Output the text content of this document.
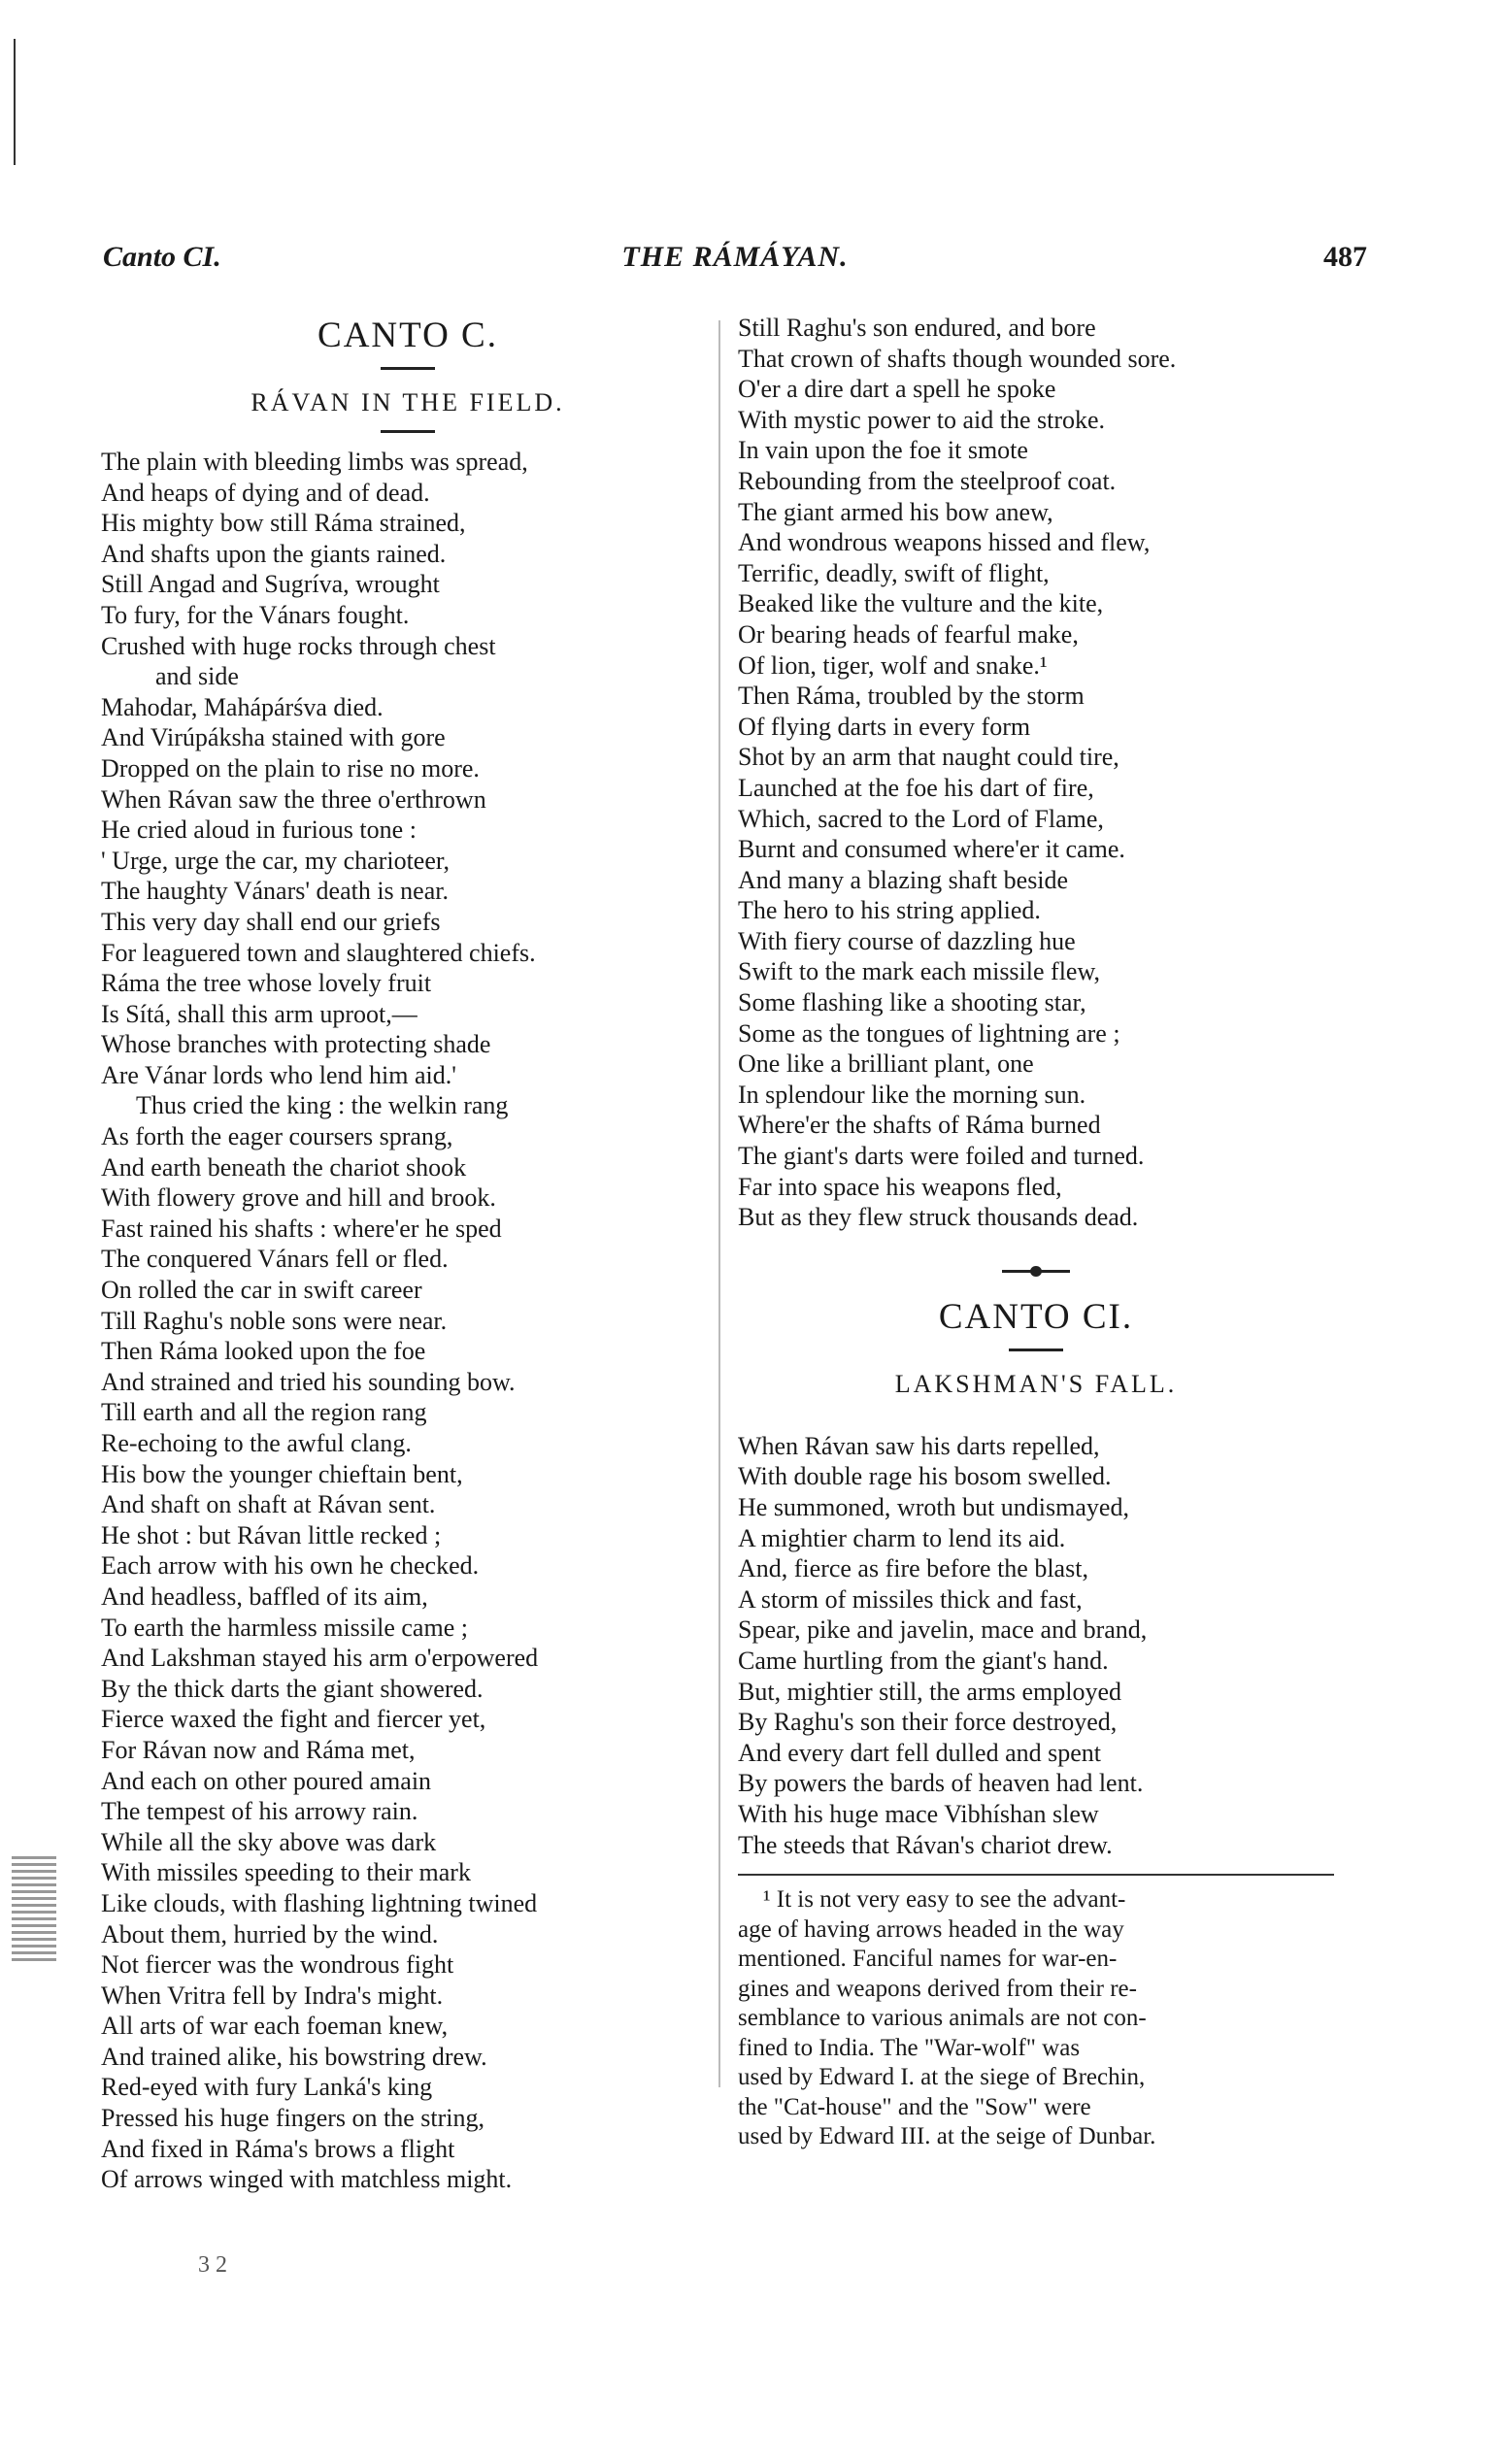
Canto CI.	THE RÁMÁYAN.	487
CANTO C.
RÁVAN IN THE FIELD.
The plain with bleeding limbs was spread,
And heaps of dying and of dead.
His mighty bow still Ráma strained,
And shafts upon the giants rained.
Still Angad and Sugríva, wrought
To fury, for the Vánars fought.
Crushed with huge rocks through chest
and side
Mahodar, Mahápárśva died.
And Virúpáksha stained with gore
Dropped on the plain to rise no more.
When Rávan saw the three o'erthrown
He cried aloud in furious tone :
' Urge, urge the car, my charioteer,
The haughty Vánars' death is near.
This very day shall end our griefs
For leaguered town and slaughtered chiefs.
Ráma the tree whose lovely fruit
Is Sítá, shall this arm uproot,—
Whose branches with protecting shade
Are Vánar lords who lend him aid.'
Thus cried the king : the welkin rang
As forth the eager coursers sprang,
And earth beneath the chariot shook
With flowery grove and hill and brook.
Fast rained his shafts : where'er he sped
The conquered Vánars fell or fled.
On rolled the car in swift career
Till Raghu's noble sons were near.
Then Ráma looked upon the foe
And strained and tried his sounding bow.
Till earth and all the region rang
Re-echoing to the awful clang.
His bow the younger chieftain bent,
And shaft on shaft at Rávan sent.
He shot : but Rávan little recked ;
Each arrow with his own he checked.
And headless, baffled of its aim,
To earth the harmless missile came ;
And Lakshman stayed his arm o'erpowered
By the thick darts the giant showered.
Fierce waxed the fight and fiercer yet,
For Rávan now and Ráma met,
And each on other poured amain
The tempest of his arrowy rain.
While all the sky above was dark
With missiles speeding to their mark
Like clouds, with flashing lightning twined
About them, hurried by the wind.
Not fiercer was the wondrous fight
When Vritra fell by Indra's might.
All arts of war each foeman knew,
And trained alike, his bowstring drew.
Red-eyed with fury Lanká's king
Pressed his huge fingers on the string,
And fixed in Ráma's brows a flight
Of arrows winged with matchless might.
Still Raghu's son endured, and bore
That crown of shafts though wounded sore.
O'er a dire dart a spell he spoke
With mystic power to aid the stroke.
In vain upon the foe it smote
Rebounding from the steelproof coat.
The giant armed his bow anew,
And wondrous weapons hissed and flew,
Terrific, deadly, swift of flight,
Beaked like the vulture and the kite,
Or bearing heads of fearful make,
Of lion, tiger, wolf and snake.¹
Then Ráma, troubled by the storm
Of flying darts in every form
Shot by an arm that naught could tire,
Launched at the foe his dart of fire,
Which, sacred to the Lord of Flame,
Burnt and consumed where'er it came.
And many a blazing shaft beside
The hero to his string applied.
With fiery course of dazzling hue
Swift to the mark each missile flew,
Some flashing like a shooting star,
Some as the tongues of lightning are ;
One like a brilliant plant, one
In splendour like the morning sun.
Where'er the shafts of Ráma burned
The giant's darts were foiled and turned.
Far into space his weapons fled,
But as they flew struck thousands dead.
CANTO CI.
LAKSHMAN'S FALL.
When Rávan saw his darts repelled,
With double rage his bosom swelled.
He summoned, wroth but undismayed,
A mightier charm to lend its aid.
And, fierce as fire before the blast,
A storm of missiles thick and fast,
Spear, pike and javelin, mace and brand,
Came hurtling from the giant's hand.
But, mightier still, the arms employed
By Raghu's son their force destroyed,
And every dart fell dulled and spent
By powers the bards of heaven had lent.
With his huge mace Vibhíshan slew
The steeds that Rávan's chariot drew.
¹ It is not very easy to see the advant-
age of having arrows headed in the way
mentioned. Fanciful names for war-en-
gines and weapons derived from their re-
semblance to various animals are not con-
fined to India. The "War-wolf" was
used by Edward I. at the siege of Brechin,
the "Cat-house" and the "Sow" were
used by Edward III. at the seige of Dunbar.
3 2
